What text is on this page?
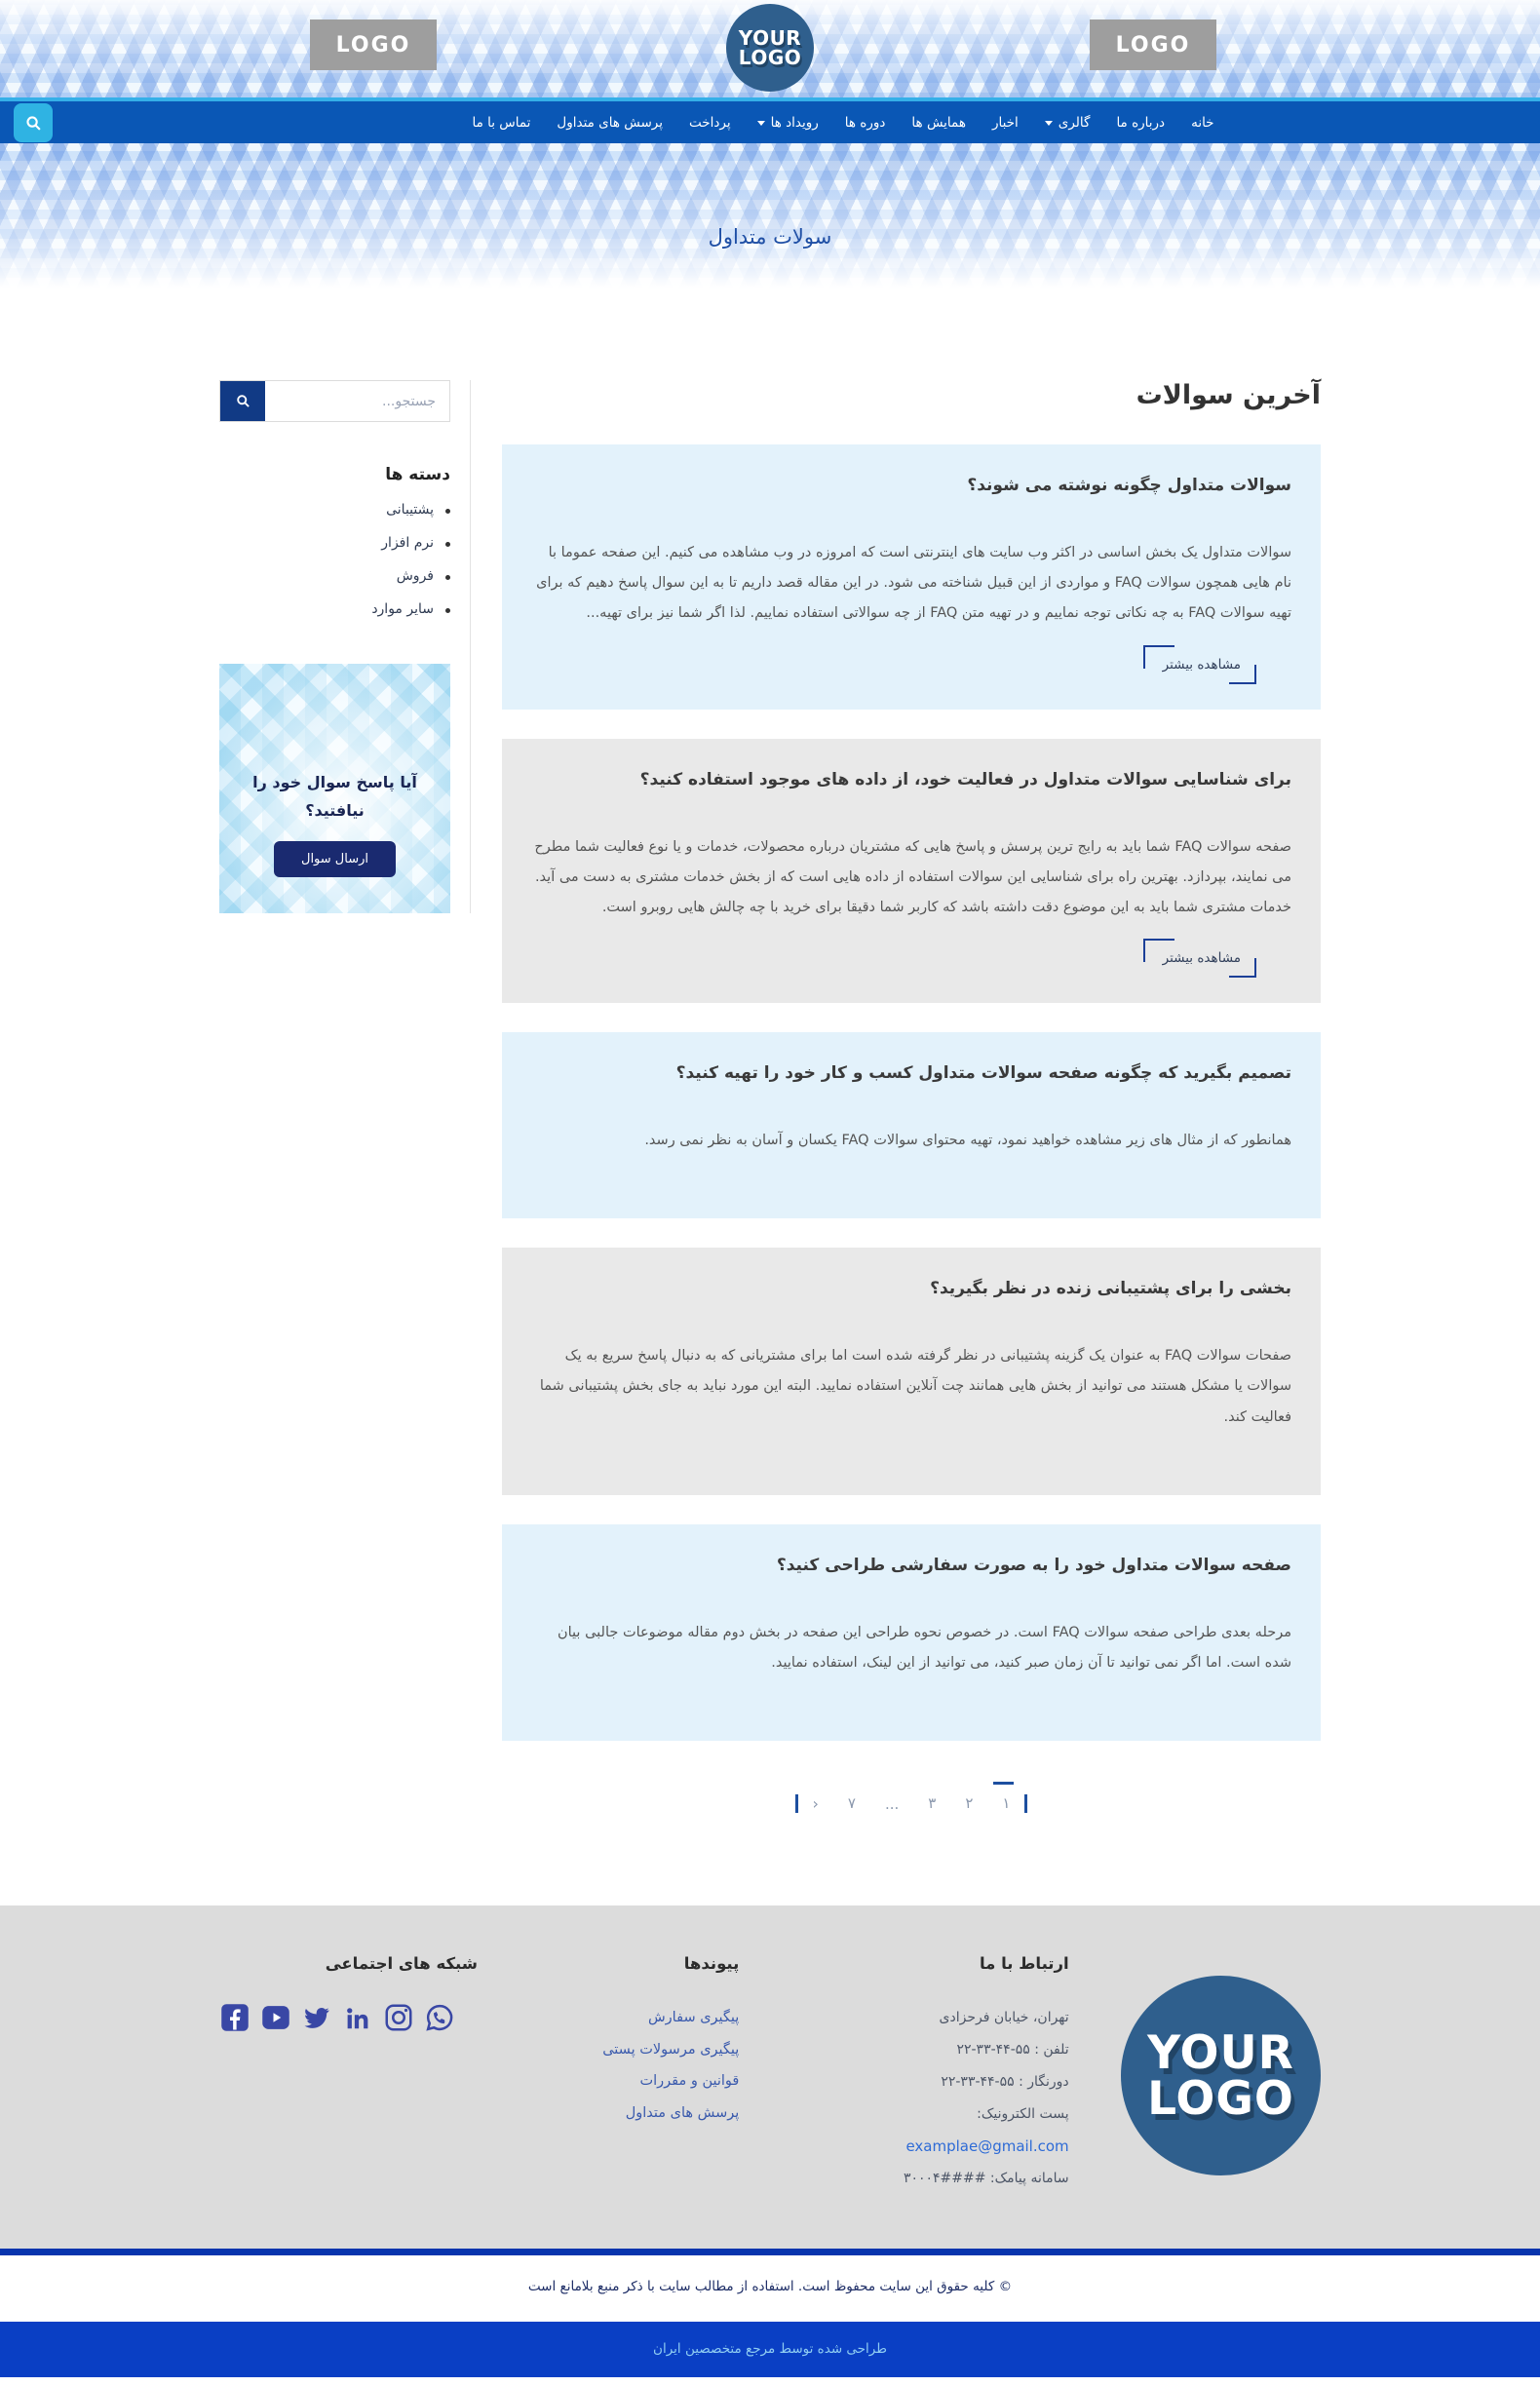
LOGO	YOUR
LOGO
LOGO
خانه
درباره ما
گالری
اخبار
همایش ها
دوره ها
رویداد ها
پرداخت
پرسش های متداول
تماس با ما
سولات متداول
آخرین سوالات
سوالات متداول چگونه نوشته می شوند؟

سوالات متداول یک بخش اساسی در اکثر وب سایت های اینترنتی است که امروزه در وب مشاهده می کنیم. این صفحه عموما با نام هایی همچون سوالات FAQ و مواردی از این قبیل شناخته می شود. در این مقاله قصد داریم تا به این سوال پاسخ دهیم که برای تهیه سوالات FAQ به چه نکاتی توجه نماییم و در تهیه متن FAQ از چه سوالاتی استفاده نماییم. لذا اگر شما نیز برای تهیه...

مشاهده بیشتر
برای شناسایی سوالات متداول در فعالیت خود، از داده های موجود استفاده کنید؟

صفحه سوالات FAQ شما باید به رایج ترین پرسش و پاسخ هایی که مشتریان درباره محصولات، خدمات و یا نوع فعالیت شما مطرح می نمایند، بپردازد. بهترین راه برای شناسایی این سوالات استفاده از داده هایی است که از بخش خدمات مشتری به دست می آید. خدمات مشتری شما باید به این موضوع دقت داشته باشد که کاربر شما دقیقا برای خرید با چه چالش هایی روبرو است.

مشاهده بیشتر
تصمیم بگیرید که چگونه صفحه سوالات متداول کسب و کار خود را تهیه کنید؟

همانطور که از مثال های زیر مشاهده خواهید نمود، تهیه محتوای سوالات FAQ یکسان و آسان به نظر نمی رسد.

بخشی را برای پشتیبانی زنده در نظر بگیرید؟

صفحات سوالات FAQ به عنوان یک گزینه پشتیبانی در نظر گرفته شده است اما برای مشتریانی که به دنبال پاسخ سریع به یک سوالات یا مشکل هستند می توانید از بخش هایی همانند چت آنلاین استفاده نمایید. البته این مورد نباید به جای بخش پشتیبانی شما فعالیت کند.

صفحه سوالات متداول خود را به صورت سفارشی طراحی کنید؟

مرحله بعدی طراحی صفحه سوالات FAQ است. در خصوص نحوه طراحی این صفحه در بخش دوم مقاله موضوعات جالبی بیان شده است. اما اگر نمی توانید تا آن زمان صبر کنید، می توانید از این لینک، استفاده نمایید.

۱
۲
۳
...
۷
‹
جستجو...
دسته ها
پشتیبانی
نرم افزار
فروش
سایر موارد
آیا پاسخ سوال خود را نیافتید؟
ارسال سوال
YOUR
LOGO
ارتباط با ما
تهران، خیابان فرحزادی
تلفن : ۲۲-۳۳-۴۴-۵۵
دورنگار : ۲۲-۳۳-۴۴-۵۵
پست الکترونیک:
examplae@gmail.com
سامانه پیامک: ####۳۰۰۰۴
پیوندها
پیگیری سفارش
پیگیری مرسولات پستی
قوانین و مقررات
پرسش های متداول
شبکه های اجتماعی
© کلیه حقوق این سایت محفوظ است. استفاده از مطالب سایت با ذکر منبع بلامانع است
طراحی شده توسط مرجع متخصصین ایران
